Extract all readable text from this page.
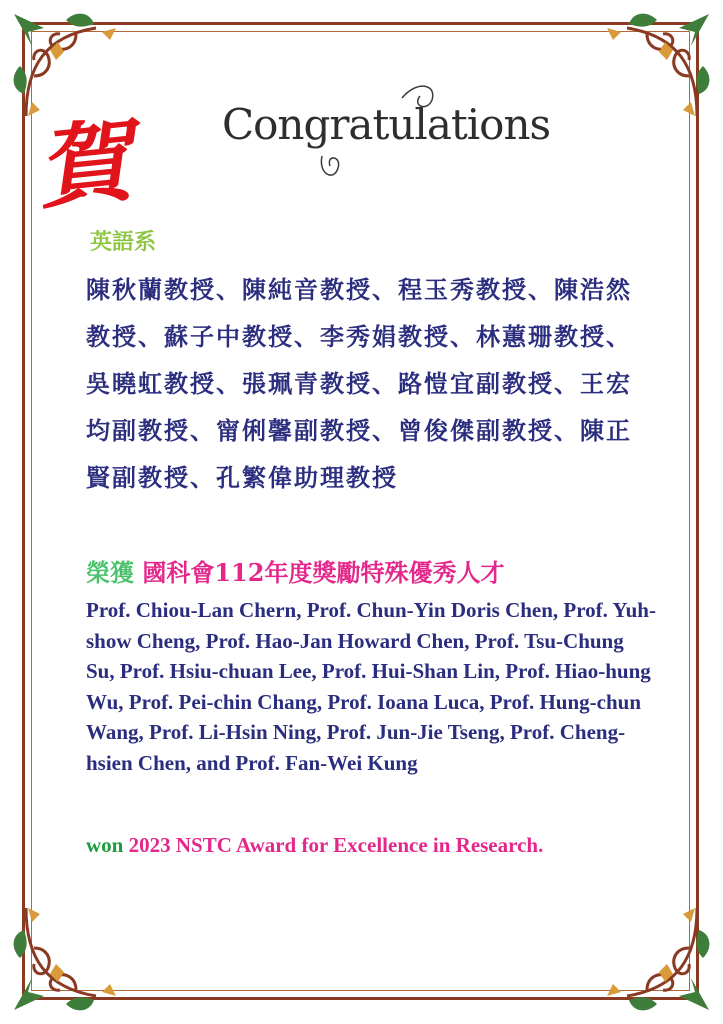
賀 Congratulations
英語系
陳秋蘭教授、陳純音教授、程玉秀教授、陳浩然教授、蘇子中教授、李秀娟教授、林蕙珊教授、吳曉虹教授、張珮青教授、路愷宜副教授、王宏均副教授、甯俐馨副教授、曾俊傑副教授、陳正賢副教授、孔繁偉助理教授
榮獲 國科會112年度獎勵特殊優秀人才
Prof. Chiou-Lan Chern, Prof. Chun-Yin Doris Chen, Prof. Yuh-show Cheng, Prof. Hao-Jan Howard Chen, Prof. Tsu-Chung Su, Prof. Hsiu-chuan Lee, Prof. Hui-Shan Lin, Prof. Hiao-hung Wu, Prof. Pei-chin Chang, Prof. Ioana Luca, Prof. Hung-chun Wang, Prof. Li-Hsin Ning, Prof. Jun-Jie Tseng, Prof. Cheng-hsien Chen, and Prof. Fan-Wei Kung
won 2023 NSTC Award for Excellence in Research.
